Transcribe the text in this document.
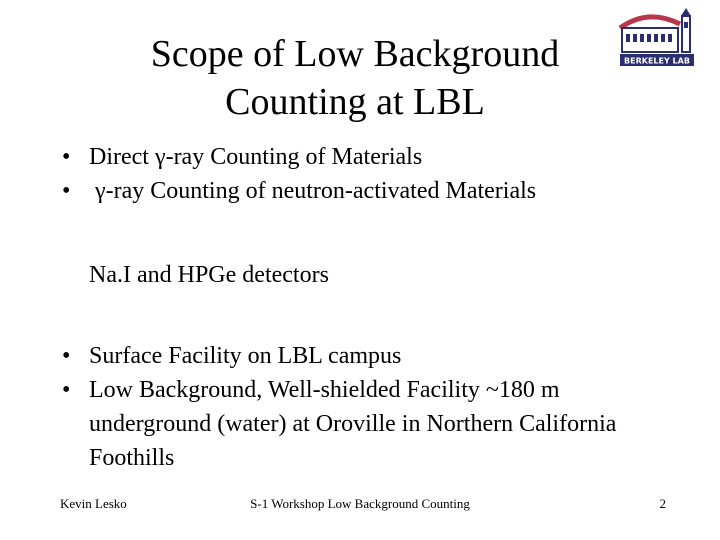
Scope of Low Background
Counting at LBL
BERKELEY LAB
• Direct γ-ray Counting of Materials
• γ-ray Counting of neutron-activated Materials
Na.I and HPGe detectors
• Surface Facility on LBL campus
• Low Background, Well-shielded Facility ~180 m underground (water) at Oroville in Northern California Foothills
Kevin Lesko	S-1 Workshop Low Background Counting	2
